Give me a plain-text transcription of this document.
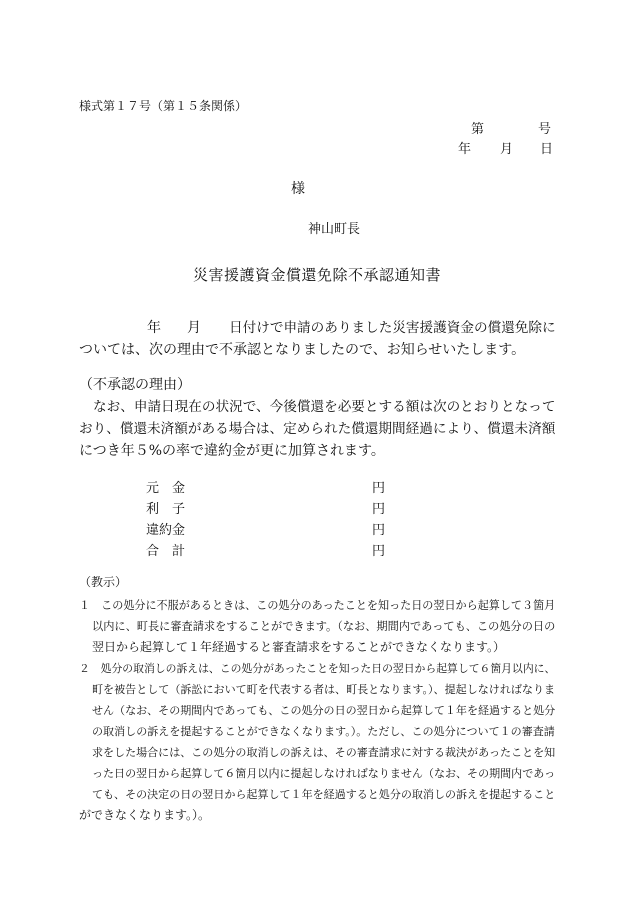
様式第１７号（第１５条関係）
第	号
年 月 日
様
神山町長
災害援護資金償還免除不承認通知書
年 月 日付けで申請のありました災害援護資金の償還免除に
ついては、次の理由で不承認となりましたので、お知らせいたします。
（不承認の理由）
なお、申請日現在の状況で、今後償還を必要とする額は次のとおりとなって
おり、償還未済額がある場合は、定められた償還期間経過により、償還未済額
につき年５%の率で違約金が更に加算されます。
元　金	円
利　子	円
違約金	円
合　計	円
（教示）
１　この処分に不服があるときは、この処分のあったことを知った日の翌日から起算して３箇月
以内に、町長に審査請求をすることができます。（なお、期間内であっても、この処分の日の
翌日から起算して１年経過すると審査請求をすることができなくなります。）
２　処分の取消しの訴えは、この処分があったことを知った日の翌日から起算して６箇月以内に、
町を被告として（訴訟において町を代表する者は、町長となります。）、提起しなければなりま
せん（なお、その期間内であっても、この処分の日の翌日から起算して１年を経過すると処分
の取消しの訴えを提起することができなくなります。）。ただし、この処分について１の審査請
求をした場合には、この処分の取消しの訴えは、その審査請求に対する裁決があったことを知
った日の翌日から起算して６箇月以内に提起しなければなりません（なお、その期間内であっ
ても、その決定の日の翌日から起算して１年を経過すると処分の取消しの訴えを提起すること
ができなくなります。）。
